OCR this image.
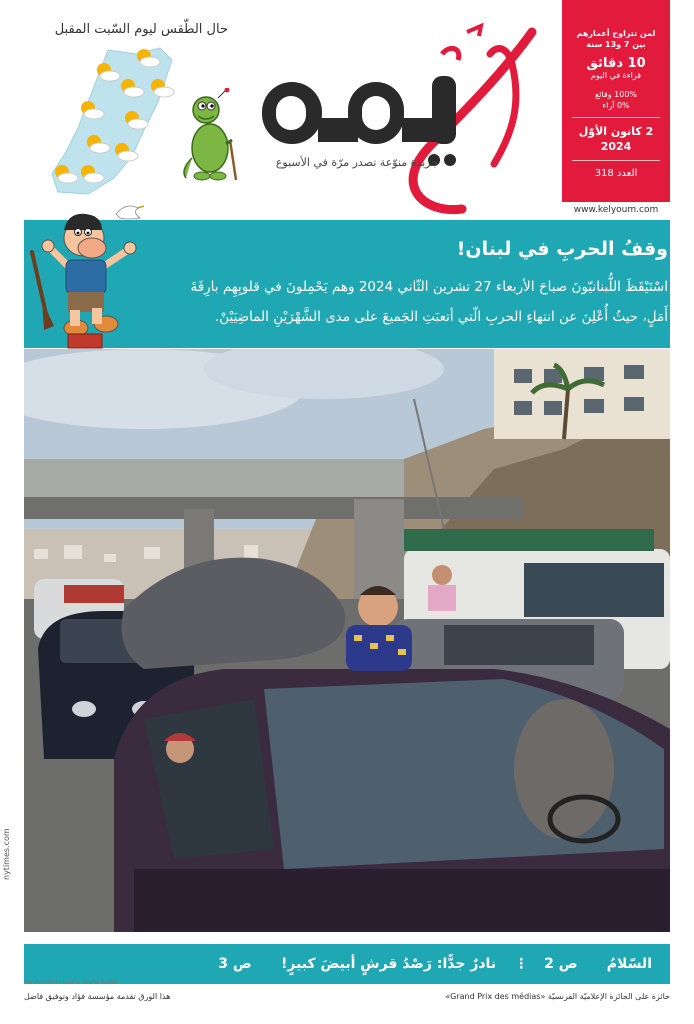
حال الطّقس ليوم السّبت المقبل
جريدة منوّعة تصدر مرّة في الأسبوع
لمن تتراوح أعمارهم
بين 7 و13 سنة
10 دقائق
قراءة في اليوم
100% وقائع
0% آراء
2 كانون الأوّل
2024
العدد 318
www.kelyoum.com
وقفُ الحربِ في لبنان!
اسْتَيْقَظَ اللُّبنانيّونَ صباحَ الأربعاء 27 تشرين الثّاني 2024 وهم يَحْمِلونَ في قلوبِهِم بارِقَةَ أَمَلٍ، حيثُ أُعْلِنَ عن انتهاءِ الحربِ الّتي أتعبَتِ الجَميعَ على مدى الشَّهْرَيْنِ الماضِيَيْنْ.
nytimes.com
السّلامُ      ص 2
⋮
نادرٌ جدًّا: رَصْدُ قرشٍ أبيضَ كبيرٍ!      ص 3
Fondation Fouad & Toufic Fadel
هذا الورق تقدمة مؤسسة فؤاد وتوفيق فاضل	حائزة على الجائزة الإعلاميّة الفرنسيّة «Grand Prix des médias»
